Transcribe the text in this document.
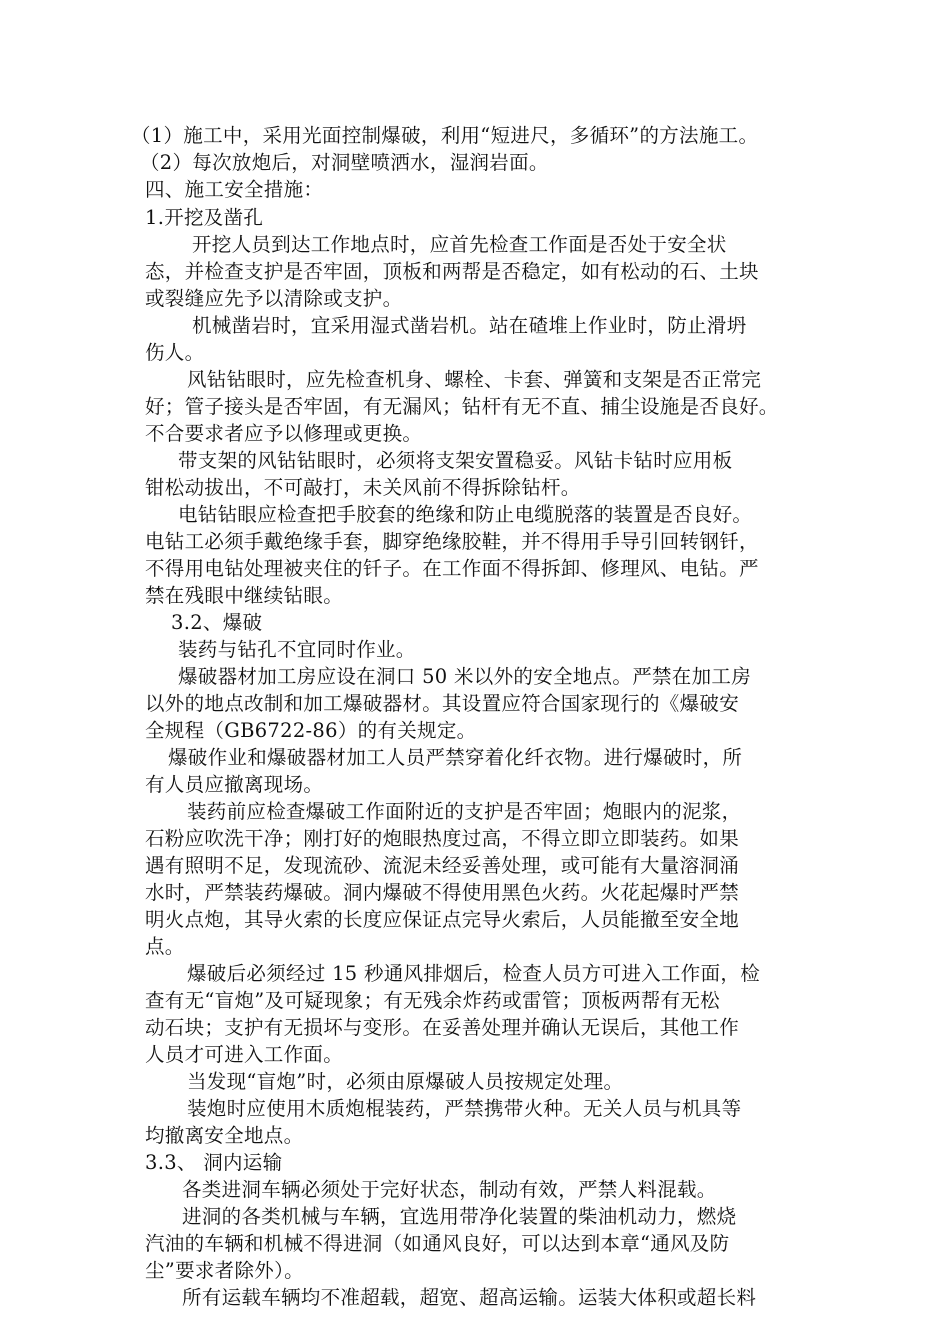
（1）施工中，采用光面控制爆破，利用“短进尺，多循环”的方法施工。
（2）每次放炮后，对洞壁喷洒水，湿润岩面。
四、施工安全措施：
1.开挖及凿孔
开挖人员到达工作地点时，应首先检查工作面是否处于安全状
态，并检查支护是否牢固，顶板和两帮是否稳定，如有松动的石、土块
或裂缝应先予以清除或支护。
机械凿岩时，宜采用湿式凿岩机。站在碴堆上作业时，防止滑坍
伤人。
风钻钻眼时，应先检查机身、螺栓、卡套、弹簧和支架是否正常完
好；管子接头是否牢固，有无漏风；钻杆有无不直、捕尘设施是否良好。
不合要求者应予以修理或更换。
带支架的风钻钻眼时，必须将支架安置稳妥。风钻卡钻时应用板
钳松动拔出，不可敲打，未关风前不得拆除钻杆。
电钻钻眼应检查把手胶套的绝缘和防止电缆脱落的装置是否良好。
电钻工必须手戴绝缘手套，脚穿绝缘胶鞋，并不得用手导引回转钢钎，
不得用电钻处理被夹住的钎子。在工作面不得拆卸、修理风、电钻。严
禁在残眼中继续钻眼。
3.2、爆破
装药与钻孔不宜同时作业。
爆破器材加工房应设在洞口 50 米以外的安全地点。严禁在加工房
以外的地点改制和加工爆破器材。其设置应符合国家现行的《爆破安
全规程（GB6722-86）的有关规定。
爆破作业和爆破器材加工人员严禁穿着化纤衣物。进行爆破时，所
有人员应撤离现场。
装药前应检查爆破工作面附近的支护是否牢固；炮眼内的泥浆，
石粉应吹洗干净；刚打好的炮眼热度过高，不得立即立即装药。如果
遇有照明不足，发现流砂、流泥未经妥善处理，或可能有大量溶洞涌
水时，严禁装药爆破。洞内爆破不得使用黑色火药。火花起爆时严禁
明火点炮，其导火索的长度应保证点完导火索后，人员能撤至安全地
点。
爆破后必须经过 15 秒通风排烟后，检查人员方可进入工作面，检
查有无“盲炮”及可疑现象；有无残余炸药或雷管；顶板两帮有无松
动石块；支护有无损坏与变形。在妥善处理并确认无误后，其他工作
人员才可进入工作面。
当发现“盲炮”时，必须由原爆破人员按规定处理。
装炮时应使用木质炮棍装药，严禁携带火种。无关人员与机具等
均撤离安全地点。
3.3、 洞内运输
各类进洞车辆必须处于完好状态，制动有效，严禁人料混载。
进洞的各类机械与车辆，宜选用带净化装置的柴油机动力，燃烧
汽油的车辆和机械不得进洞（如通风良好，可以达到本章“通风及防
尘”要求者除外）。
所有运载车辆均不准超载，超宽、超高运输。运装大体积或超长料
